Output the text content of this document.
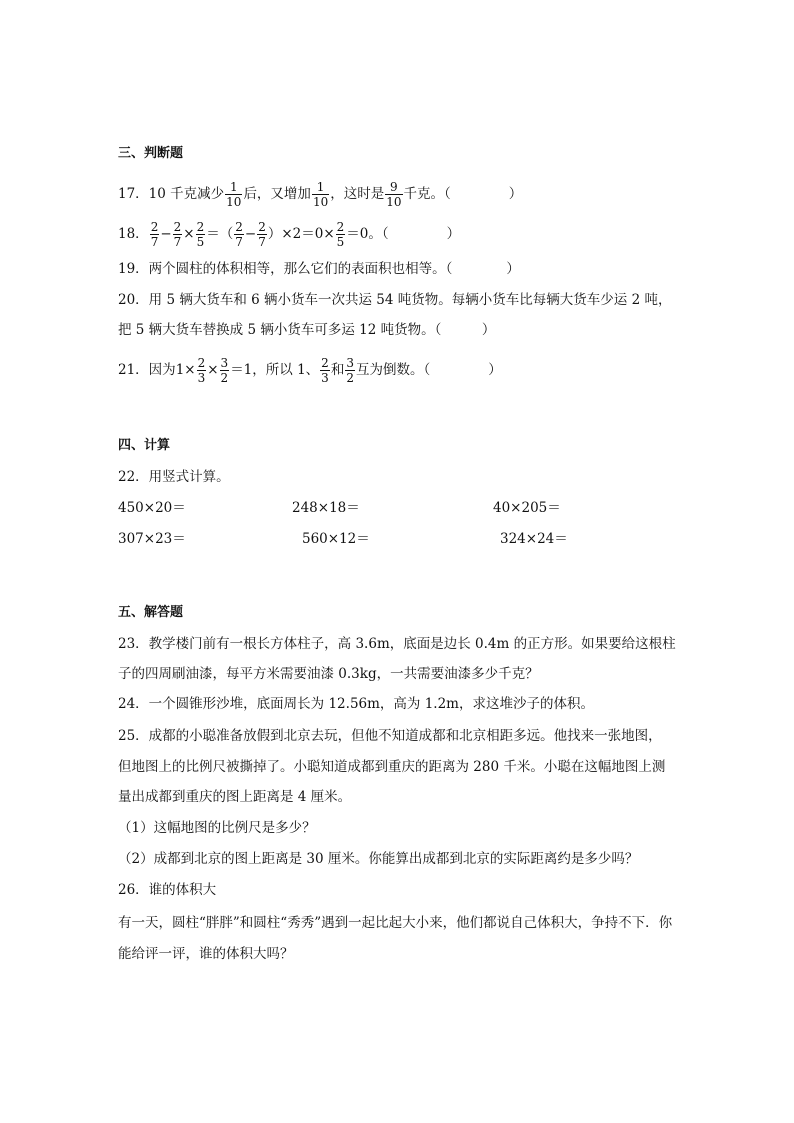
三、判断题
17．10 千克减少 $\frac{1}{10}$ 后，又增加 $\frac{1}{10}$ ，这时是 $\frac{9}{10}$ 千克。（	）
18． $\frac{2}{7} - \frac{2}{7} \times \frac{2}{5}$ ＝（ $\frac{2}{7} - \frac{2}{7} )\times 2=0\times \frac{2}{5} =0$。（	）
19．两个圆柱的体积相等，那么它们的表面积也相等。（　　　　）
20．用 5 辆大货车和 6 辆小货车一次共运 54 吨货物。每辆小货车比每辆大货车少运 2 吨，
把 5 辆大货车替换成 5 辆小货车可多运 12 吨货物。（　　　）
21．因为$1\times \frac{2}{3} \times \frac{3}{2} =1$，所以 1、 $\frac{2}{3}$ 和 $\frac{3}{2}$ 互为倒数。（	）
四、计算
22．用竖式计算。
450×20＝	248×18＝	40×205＝
307×23＝	560×12＝	324×24＝
五、解答题
23．教学楼门前有一根长方体柱子，高 3.6m，底面是边长 0.4m 的正方形。如果要给这根柱
子的四周刷油漆，每平方米需要油漆 0.3kg，一共需要油漆多少千克？
24．一个圆锥形沙堆，底面周长为 12.56m，高为 1.2m，求这堆沙子的体积。
25．成都的小聪准备放假到北京去玩，但他不知道成都和北京相距多远。他找来一张地图，
但地图上的比例尺被撕掉了。小聪知道成都到重庆的距离为 280 千米。小聪在这幅地图上测
量出成都到重庆的图上距离是 4 厘米。
（1）这幅地图的比例尺是多少？
（2）成都到北京的图上距离是 30 厘米。你能算出成都到北京的实际距离约是多少吗？
26．谁的体积大
有一天，圆柱“胖胖”和圆柱“秀秀”遇到一起比起大小来，他们都说自己体积大，争持不下．你
能给评一评，谁的体积大吗？
